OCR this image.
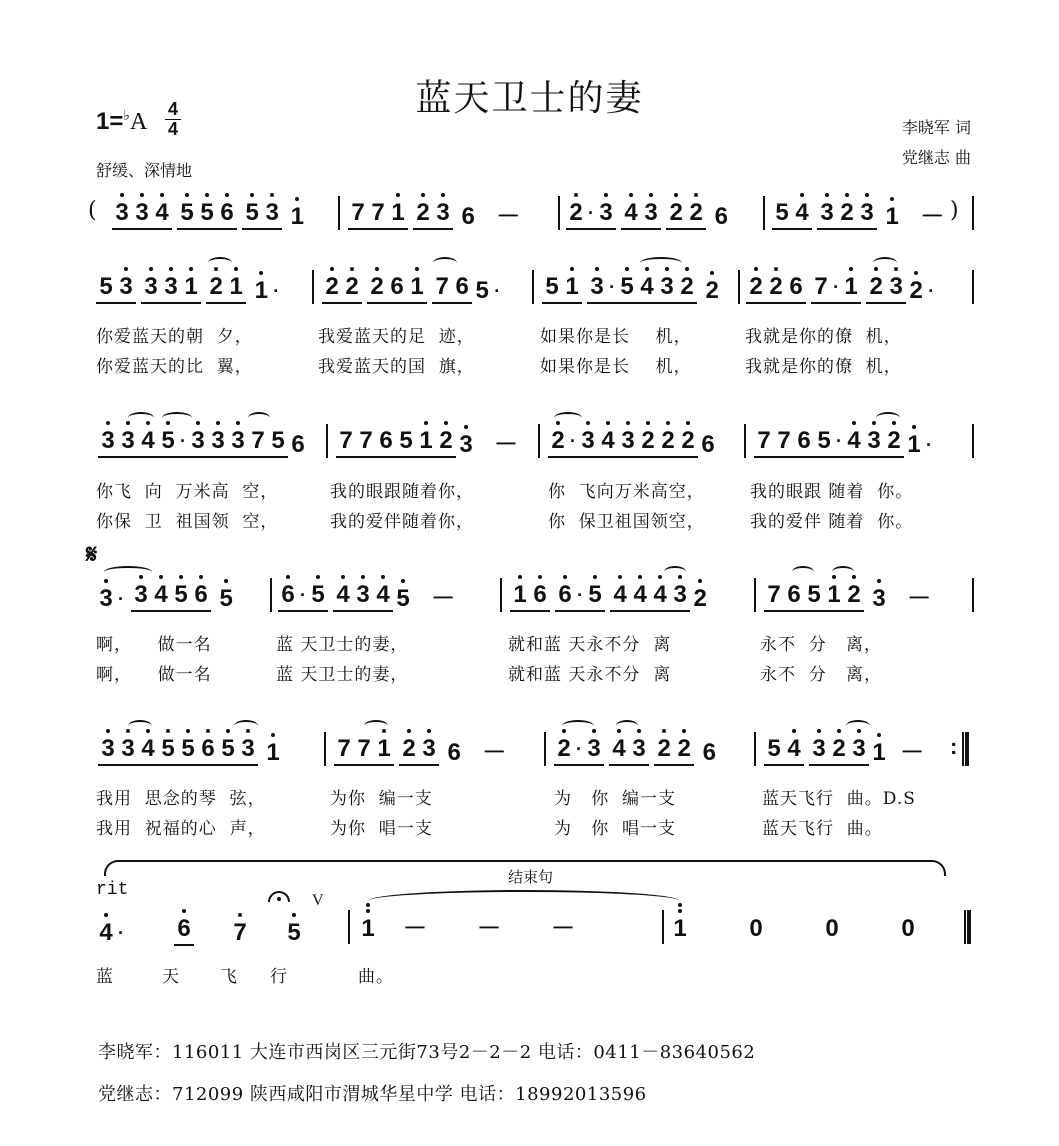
蓝天卫士的妻
1=♭A 4
4
舒缓、深情地
李晓军 词
党继志 曲
( 3 3 4
5 5 6
5 3
1 7 7 1
2 3
6 －	2 · 3
4 3
2 2
6 5 4
3 2 3
1 － )
5 3
3 3 1
2 1
1 · 2 2
2 6 1
7 6 5 · 5 1
3 · 5 4 3 2
2 2 2 6
7 · 1
2 3 2 ·
你爱蓝天的朝  夕，	我爱蓝天的足  迹，	如果你是长    机，	我就是你的僚  机，
你爱蓝天的比  翼，	我爱蓝天的国  旗，	如果你是长    机，	我就是你的僚  机，
3 3 4 5 · 3 3 3 7 5 6 7 7 6 5 1 2 3 －	2 · 3 4 3 2 2 2 6 7 7 6 5 · 4 3 2 1 ·
你飞  向  万米高  空，	我的眼跟随着你，	你  飞向万米高空，	我的眼跟 随着  你。
你保  卫  祖国领  空，	我的爱伴随着你，	你  保卫祖国领空，	我的爱伴 随着  你。
𝄋
3 ·
3 4 5 6
5 6 · 5
4 3 4 5 －	1 6
6 · 5
4 4 4 3 2	7 6 5 1 2
3 －
啊，    做一名	蓝 天卫士的妻，	就和蓝 天永不分  离	永不  分   离，
啊，    做一名	蓝 天卫士的妻，	就和蓝 天永不分  离	永不  分   离，
3 3 4 5 5 6 5 3
1 7 7 1
2 3
6 －	2 · 3
4 3
2 2
6 5 4
3 2 3 1 －	:
我用  思念的琴  弦，	为你  编一支	为   你  编一支	蓝天飞行  曲。D.S
我用  祝福的心  声，	为你  唱一支	为   你  唱一支	蓝天飞行  曲。
rit
结束句
V
4 · 6 7 5	1	－	－	－	1	0	0	0
蓝	天 飞 行	曲。
李晓军：116011 大连市西岗区三元街73号2－2－2 电话：0411－83640562
党继志：712099 陕西咸阳市渭城华星中学 电话：18992013596
